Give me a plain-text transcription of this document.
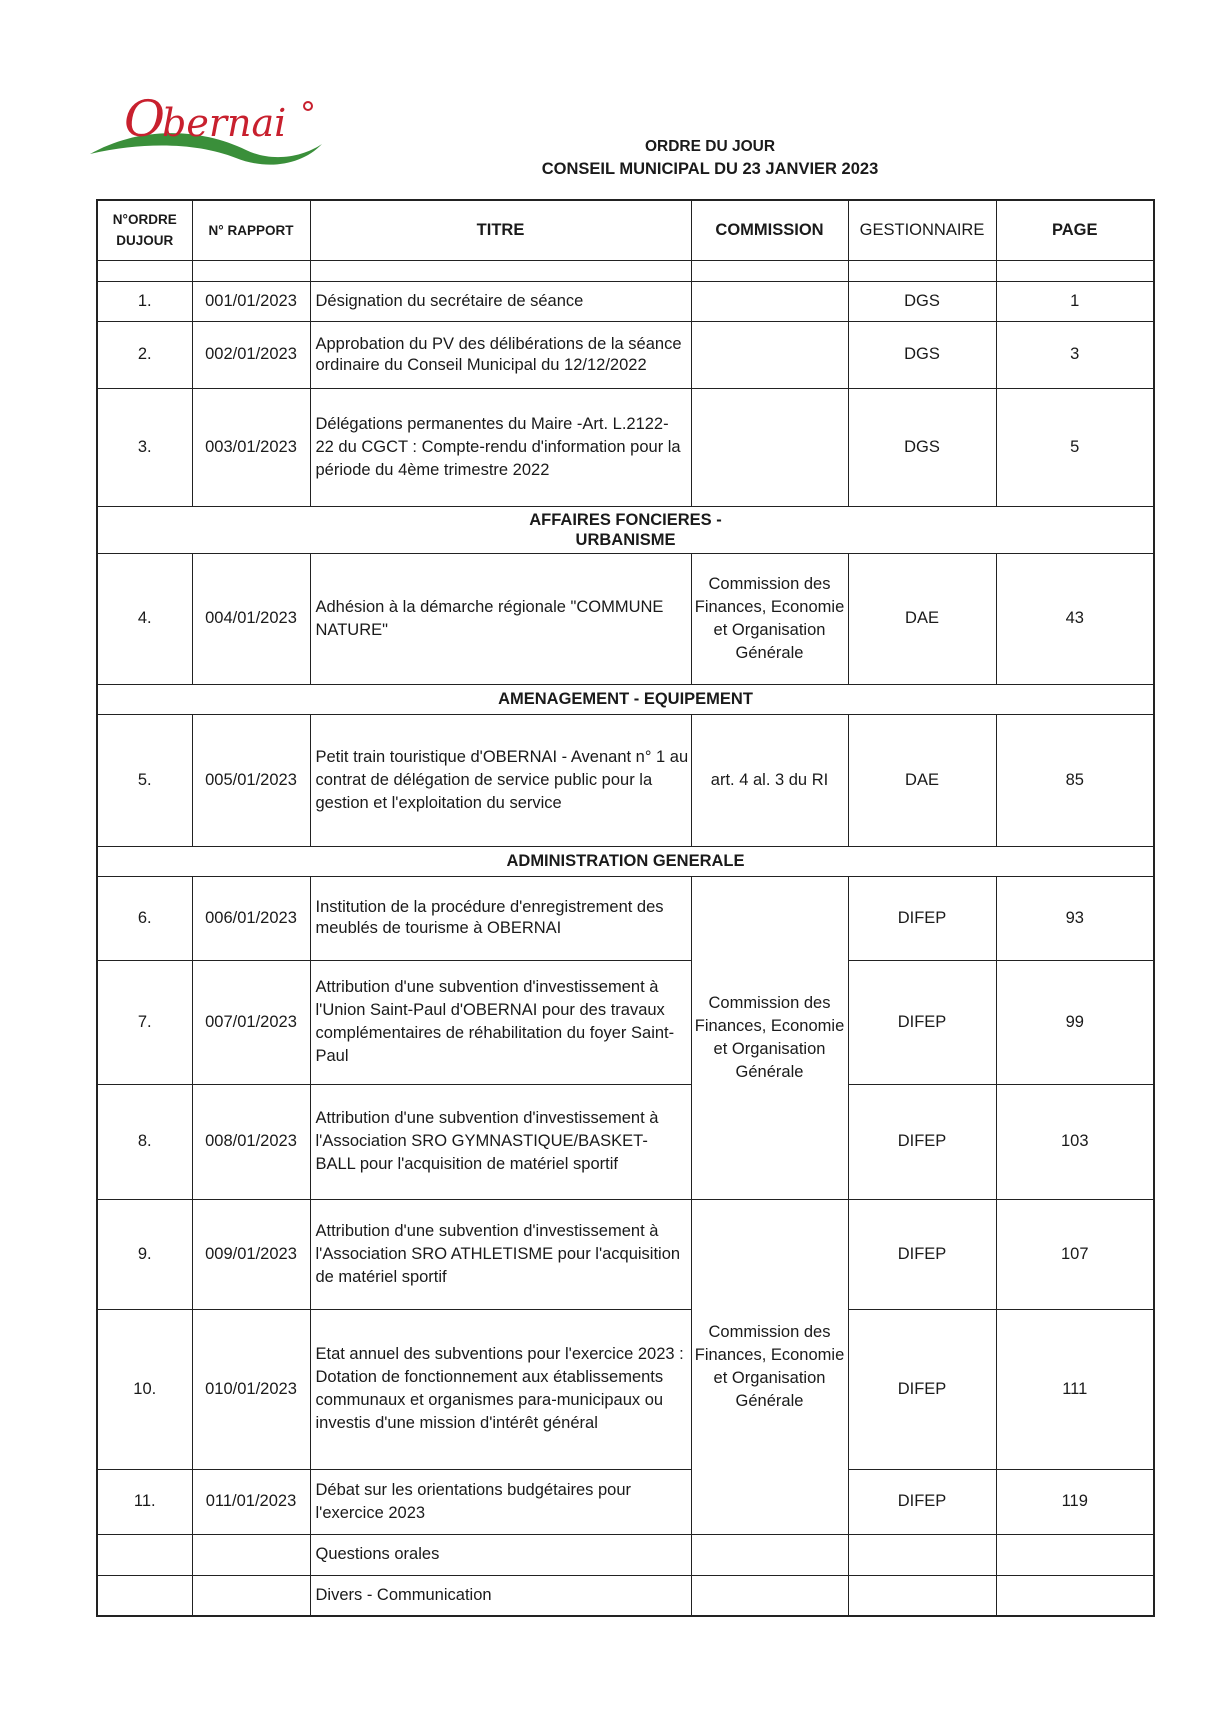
O
bernai
ORDRE DU JOUR
CONSEIL MUNICIPAL DU 23 JANVIER 2023
N°ORDRE DUJOUR	N° RAPPORT	TITRE	COMMISSION	GESTIONNAIRE	PAGE

1.	001/01/2023	Désignation du secrétaire de séance		DGS	1
2.	002/01/2023	Approbation du PV des délibérations de la séance ordinaire du Conseil Municipal du 12/12/2022		DGS	3
3.	003/01/2023	Délégations permanentes du Maire -Art. L.2122- 22 du CGCT : Compte-rendu d'information pour la période du 4ème trimestre 2022		DGS	5

AFFAIRES FONCIERES - URBANISME					

4.	004/01/2023	Adhésion à la démarche régionale "COMMUNE NATURE"	Commission des Finances, Economie et Organisation Générale	DAE	43
AMENAGEMENT - EQUIPEMENT					
5.	005/01/2023	Petit train touristique d'OBERNAI - Avenant n° 1 au contrat de délégation de service public pour la gestion et l'exploitation du service	art. 4 al. 3 du RI	DAE	85
ADMINISTRATION GENERALE					
6.	006/01/2023	Institution de la procédure d'enregistrement des meublés de tourisme à OBERNAI	Commission des Finances, Economie et Organisation Générale	DIFEP	93
7.	007/01/2023	Attribution d'une subvention d'investissement à l'Union Saint-Paul d'OBERNAI pour des travaux complémentaires de réhabilitation du foyer Saint- Paul		DIFEP	99
8.	008/01/2023	Attribution d'une subvention d'investissement à l'Association SRO GYMNASTIQUE/BASKET- BALL pour l'acquisition de matériel sportif		DIFEP	103
9.	009/01/2023	Attribution d'une subvention d'investissement à l'Association SRO ATHLETISME pour l'acquisition de matériel sportif	Commission des Finances, Economie et Organisation Générale	DIFEP	107
10.	010/01/2023	Etat annuel des subventions pour l'exercice 2023 : Dotation de fonctionnement aux établissements communaux et organismes para-municipaux ou investis d'une mission d'intérêt général		DIFEP	111
11.	011/01/2023	Débat sur les orientations budgétaires pour l'exercice 2023		DIFEP	119
		Questions orales			
		Divers - Communication			
